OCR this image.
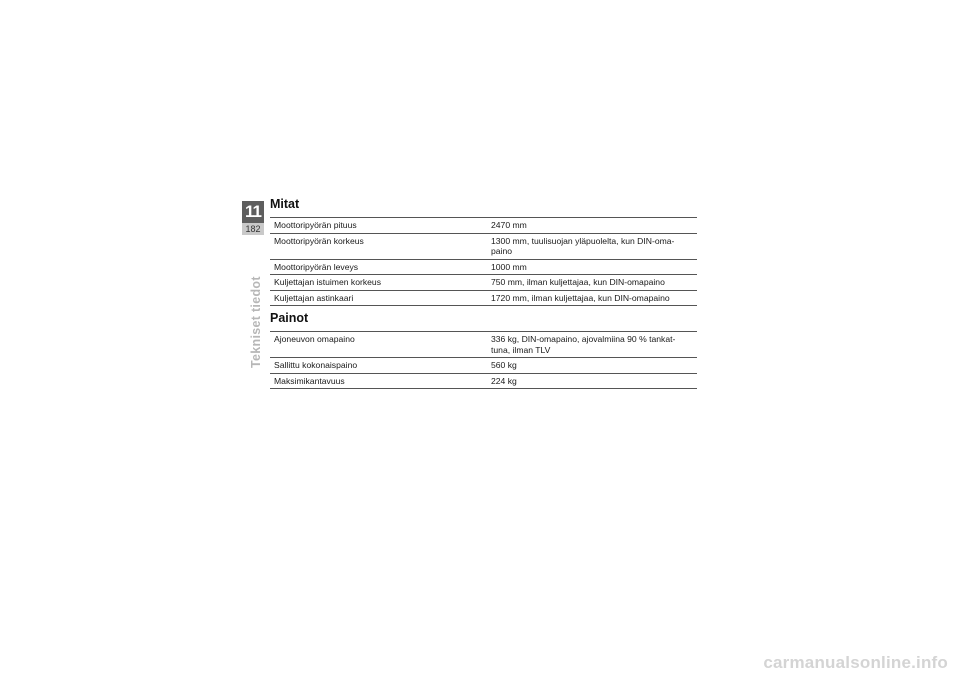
11
182
Tekniset tiedot
Mitat
Moottoripyörän pituus	2470 mm
Moottoripyörän korkeus	1300 mm, tuulisuojan yläpuolelta, kun DIN-oma-
paino
Moottoripyörän leveys	1000 mm
Kuljettajan istuimen korkeus	750 mm, ilman kuljettajaa, kun DIN-omapaino
Kuljettajan astinkaari	1720 mm, ilman kuljettajaa, kun DIN-omapaino
Painot
Ajoneuvon omapaino	336 kg, DIN-omapaino, ajovalmiina 90 % tankat-
tuna, ilman TLV
Sallittu kokonaispaino	560 kg
Maksimikantavuus	224 kg
carmanualsonline.info
